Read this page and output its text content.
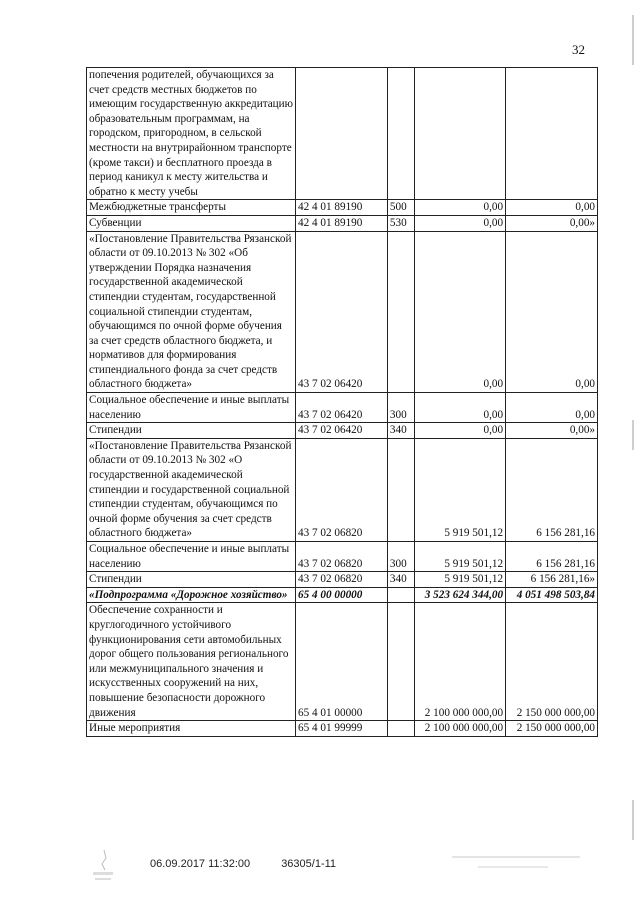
32
попечения родителей, обучающихся за счет средств местных бюджетов по имеющим государственную аккредитацию образовательным программам, на городском, пригородном, в сельской местности на внутрирайонном транспорте (кроме такси) и бесплатного проезда в период каникул к месту жительства и обратно к месту учебы				
Межбюджетные трансферты	42 4 01 89190	500	0,00	0,00
Субвенции	42 4 01 89190	530	0,00	0,00»
«Постановление Правительства Рязанской области от 09.10.2013 № 302 «Об утверждении Порядка назначения государственной академической стипендии студентам, государственной социальной стипендии студентам, обучающимся по очной форме обучения за счет средств областного бюджета, и нормативов для формирования стипендиального фонда за счет средств областного бюджета»	43 7 02 06420		0,00	0,00
Социальное обеспечение и иные выплаты населению	43 7 02 06420	300	0,00	0,00
Стипендии	43 7 02 06420	340	0,00	0,00»
«Постановление Правительства Рязанской области от 09.10.2013 № 302 «О государственной академической стипендии и государственной социальной стипендии студентам, обучающимся по очной форме обучения за счет средств областного бюджета»	43 7 02 06820		5 919 501,12	6 156 281,16
Социальное обеспечение и иные выплаты населению	43 7 02 06820	300	5 919 501,12	6 156 281,16
Стипендии	43 7 02 06820	340	5 919 501,12	6 156 281,16»
«Подпрограмма «Дорожное хозяйство»	65 4 00 00000		3 523 624 344,00	4 051 498 503,84
Обеспечение сохранности и круглогодичного устойчивого функционирования сети автомобильных дорог общего пользования регионального или межмуниципального значения и искусственных сооружений на них, повышение безопасности дорожного движения	65 4 01 00000		2 100 000 000,00	2 150 000 000,00
Иные мероприятия	65 4 01 99999		2 100 000 000,00	2 150 000 000,00
06.09.2017 11:32:00	36305/1-11
